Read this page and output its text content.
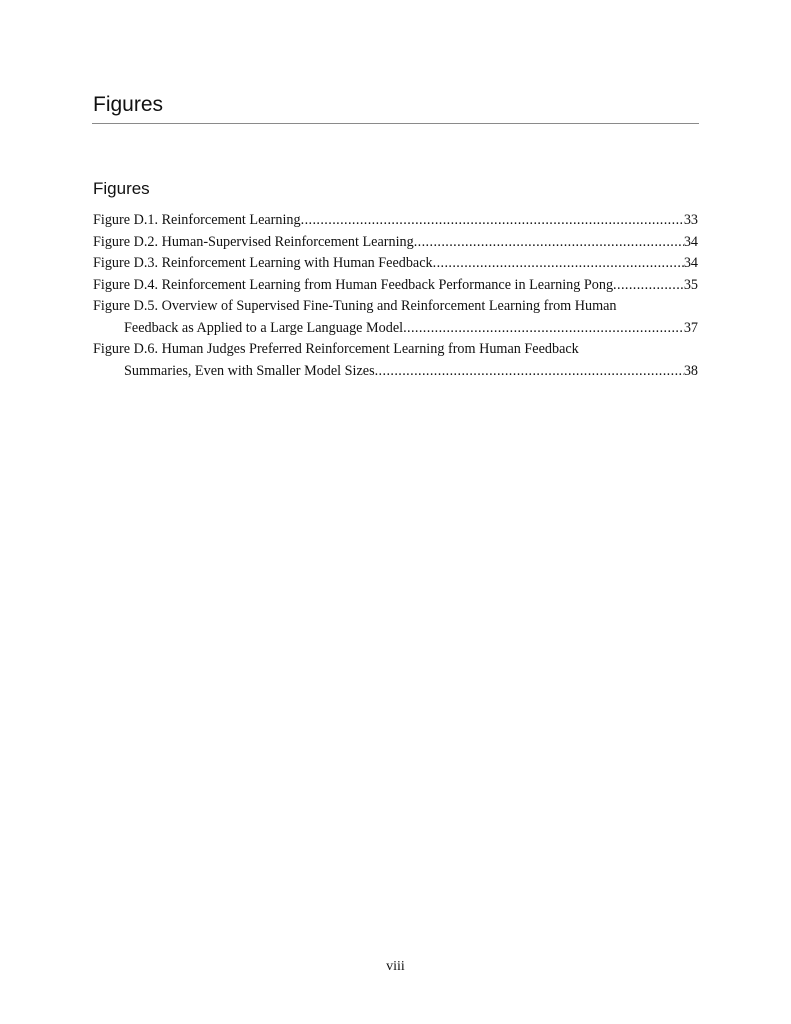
Figures
Figures
Figure D.1. Reinforcement Learning .....	33
Figure D.2. Human-Supervised Reinforcement Learning .....	34
Figure D.3. Reinforcement Learning with Human Feedback .....	34
Figure D.4. Reinforcement Learning from Human Feedback Performance in Learning Pong .....	35
Figure D.5. Overview of Supervised Fine-Tuning and Reinforcement Learning from Human
Feedback as Applied to a Large Language Model .....	37
Figure D.6. Human Judges Preferred Reinforcement Learning from Human Feedback
Summaries, Even with Smaller Model Sizes .....	38
viii
